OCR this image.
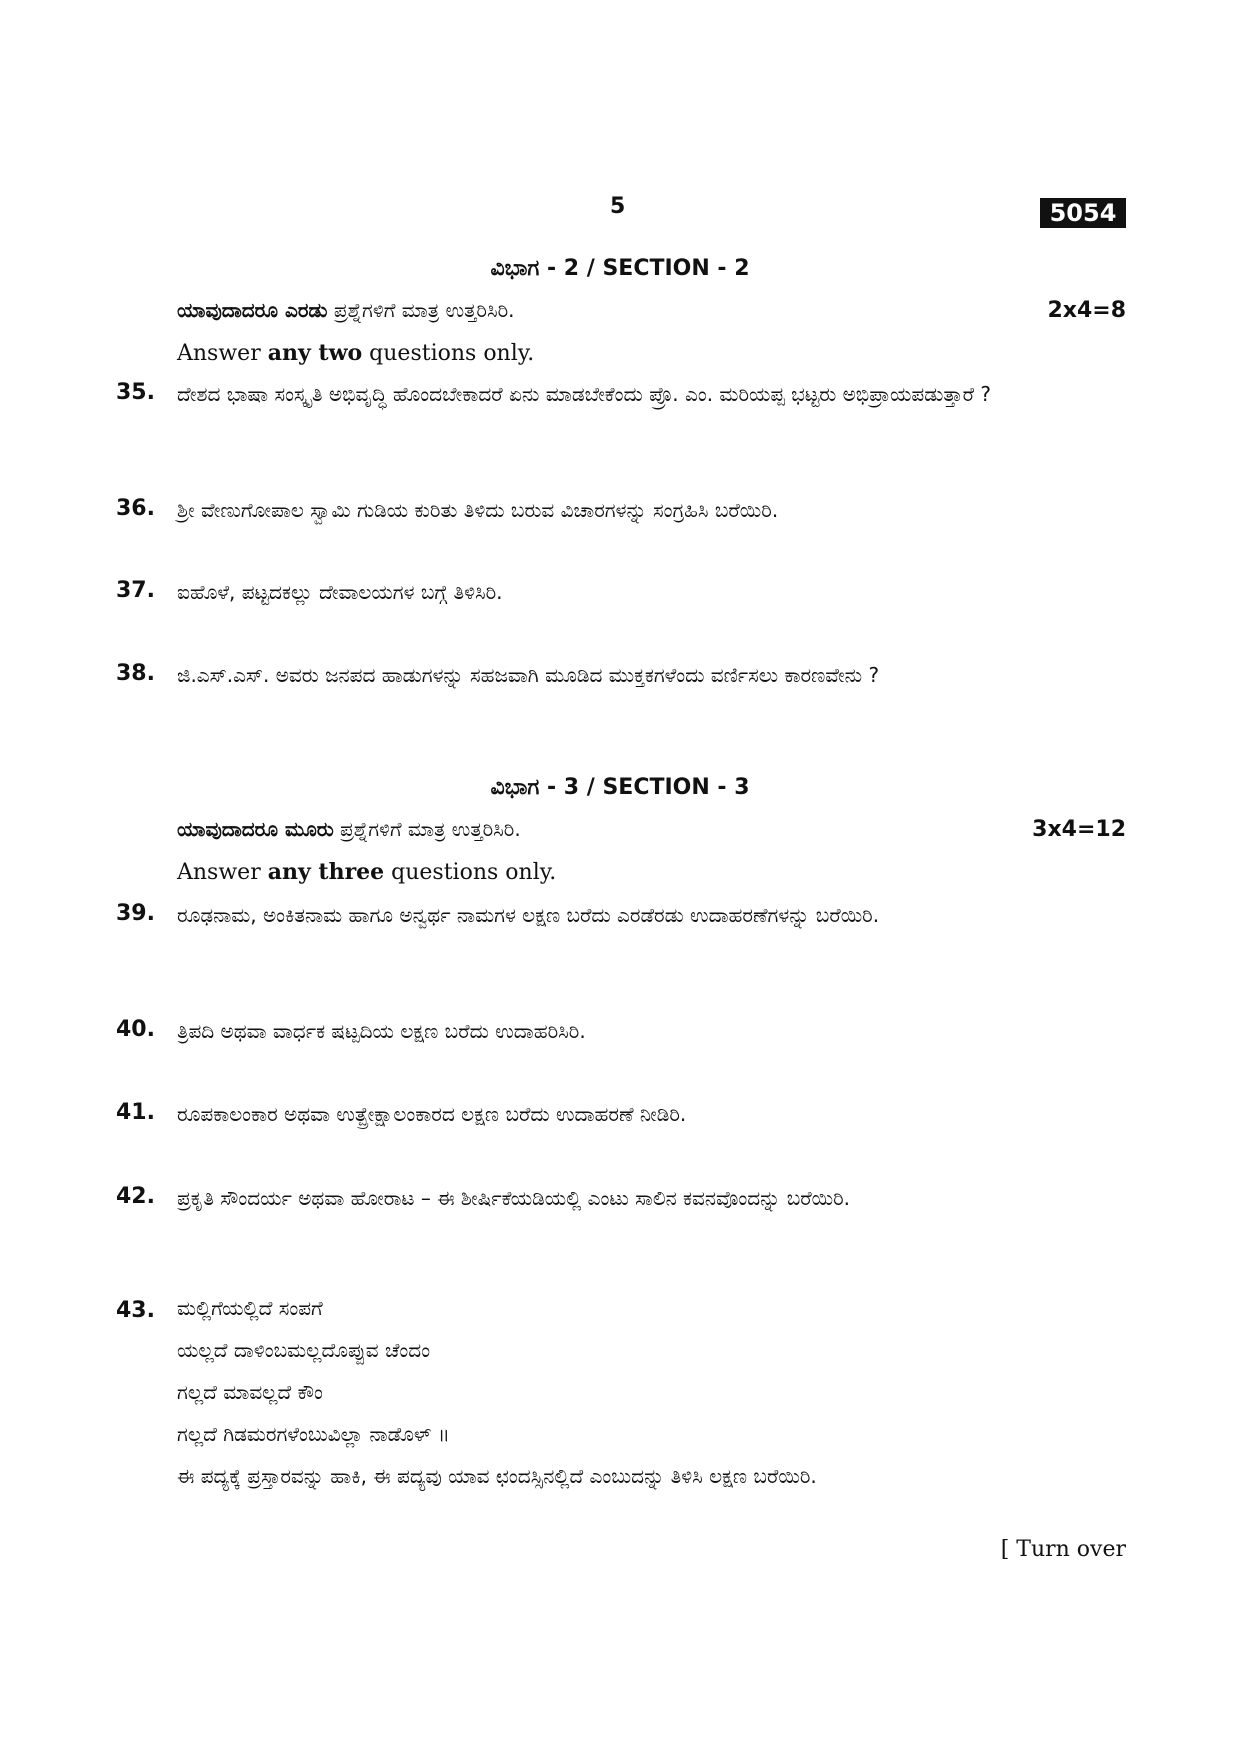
5	5054
ವಿಭಾಗ - 2 / SECTION - 2
ಯಾವುದಾದರೂ ಎರಡು ಪ್ರಶ್ನೆಗಳಿಗೆ ಮಾತ್ರ ಉತ್ತರಿಸಿರಿ.	2x4=8
Answer any two questions only.
35. ದೇಶದ ಭಾಷಾ ಸಂಸ್ಕೃತಿ ಅಭಿವೃದ್ಧಿ ಹೊಂದಬೇಕಾದರೆ ಏನು ಮಾಡಬೇಕೆಂದು ಪ್ರೊ. ಎಂ. ಮರಿಯಪ್ಪ ಭಟ್ಟರು ಅಭಿಪ್ರಾಯಪಡುತ್ತಾರೆ ?
36. ಶ್ರೀ ವೇಣುಗೋಪಾಲ ಸ್ವಾಮಿ ಗುಡಿಯ ಕುರಿತು ತಿಳಿದು ಬರುವ ವಿಚಾರಗಳನ್ನು ಸಂಗ್ರಹಿಸಿ ಬರೆಯಿರಿ.
37. ಐಹೊಳೆ, ಪಟ್ಟದಕಲ್ಲು ದೇವಾಲಯಗಳ ಬಗ್ಗೆ ತಿಳಿಸಿರಿ.
38. ಜಿ.ಎಸ್.ಎಸ್. ಅವರು ಜನಪದ ಹಾಡುಗಳನ್ನು ಸಹಜವಾಗಿ ಮೂಡಿದ ಮುಕ್ತಕಗಳೆಂದು ವರ್ಣಿಸಲು ಕಾರಣವೇನು ?
ವಿಭಾಗ - 3 / SECTION - 3
ಯಾವುದಾದರೂ ಮೂರು ಪ್ರಶ್ನೆಗಳಿಗೆ ಮಾತ್ರ ಉತ್ತರಿಸಿರಿ.	3x4=12
Answer any three questions only.
39. ರೂಢನಾಮ, ಅಂಕಿತನಾಮ ಹಾಗೂ ಅನ್ವರ್ಥ ನಾಮಗಳ ಲಕ್ಷಣ ಬರೆದು ಎರಡೆರಡು ಉದಾಹರಣೆಗಳನ್ನು ಬರೆಯಿರಿ.
40. ತ್ರಿಪದಿ ಅಥವಾ ವಾರ್ಧಕ ಷಟ್ಪದಿಯ ಲಕ್ಷಣ ಬರೆದು ಉದಾಹರಿಸಿರಿ.
41. ರೂಪಕಾಲಂಕಾರ ಅಥವಾ ಉತ್ಪ್ರೇಕ್ಷಾಲಂಕಾರದ ಲಕ್ಷಣ ಬರೆದು ಉದಾಹರಣೆ ನೀಡಿರಿ.
42. ಪ್ರಕೃತಿ ಸೌಂದರ್ಯ ಅಥವಾ ಹೋರಾಟ – ಈ ಶೀರ್ಷಿಕೆಯಡಿಯಲ್ಲಿ ಎಂಟು ಸಾಲಿನ ಕವನವೊಂದನ್ನು ಬರೆಯಿರಿ.
43. ಮಲ್ಲಿಗೆಯಲ್ಲಿದೆ ಸಂಪಗೆ
ಯಲ್ಲದೆ ದಾಳಿಂಬಮಲ್ಲದೊಪ್ಪುವ ಚೆಂದಂ
ಗಲ್ಲದೆ ಮಾವಲ್ಲದೆ ಕೌಂ
ಗಲ್ಲದೆ ಗಿಡಮರಗಳೆಂಬುವಿಲ್ಲಾ ನಾಡೊಳ್ ॥
ಈ ಪದ್ಯಕ್ಕೆ ಪ್ರಸ್ತಾರವನ್ನು ಹಾಕಿ, ಈ ಪದ್ಯವು ಯಾವ ಛಂದಸ್ಸಿನಲ್ಲಿದೆ ಎಂಬುದನ್ನು ತಿಳಿಸಿ ಲಕ್ಷಣ ಬರೆಯಿರಿ.
[ Turn over
